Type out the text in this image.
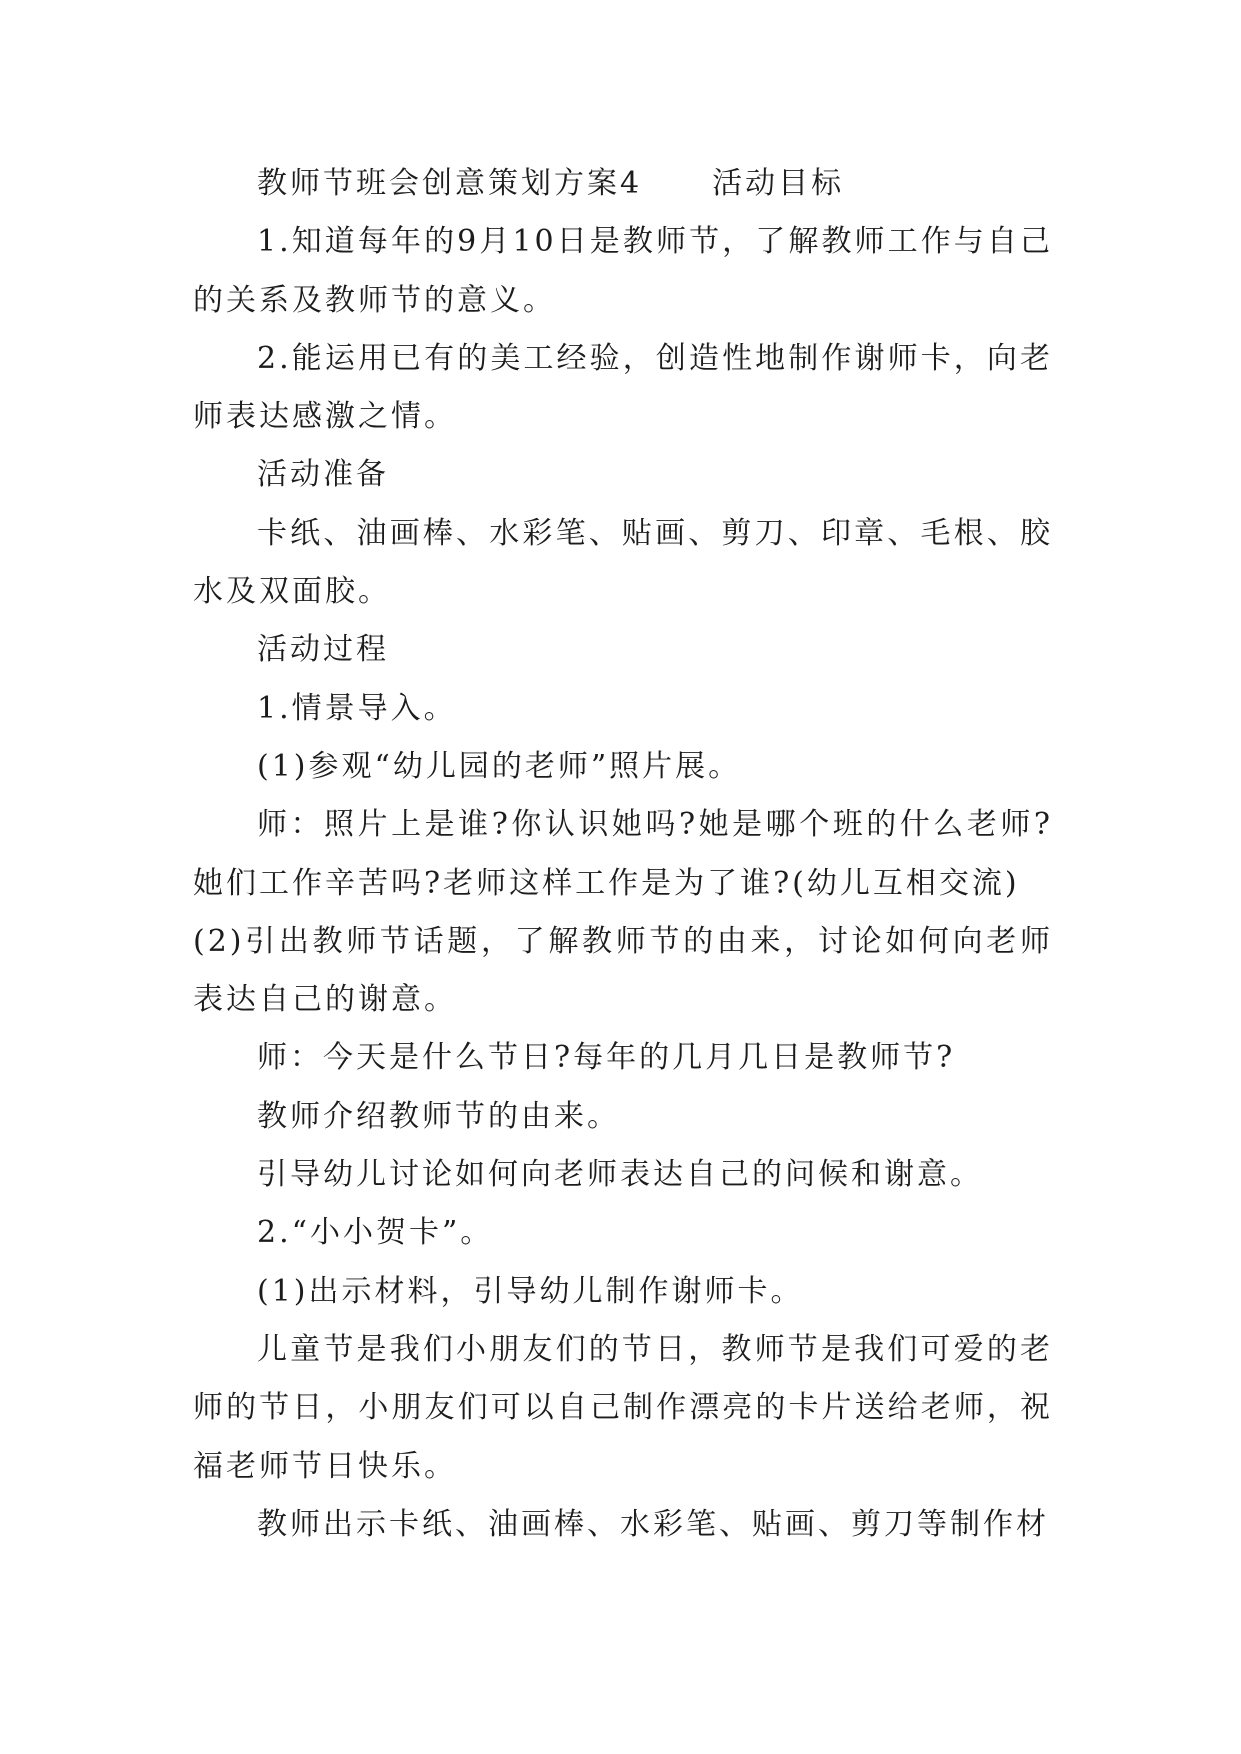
教师节班会创意策划方案4 活动目标

1.知道每年的9月10日是教师节，了解教师工作与自己的关系及教师节的意义。

2.能运用已有的美工经验，创造性地制作谢师卡，向老师表达感激之情。

活动准备

卡纸、油画棒、水彩笔、贴画、剪刀、印章、毛根、胶水及双面胶。

活动过程

1.情景导入。

(1)参观“幼儿园的老师”照片展。

师：照片上是谁?你认识她吗?她是哪个班的什么老师?她们工作辛苦吗?老师这样工作是为了谁?(幼儿互相交流)

(2)引出教师节话题，了解教师节的由来，讨论如何向老师表达自己的谢意。

师：今天是什么节日?每年的几月几日是教师节?

教师介绍教师节的由来。

引导幼儿讨论如何向老师表达自己的问候和谢意。

2.“小小贺卡”。

(1)出示材料，引导幼儿制作谢师卡。

儿童节是我们小朋友们的节日，教师节是我们可爱的老师的节日，小朋友们可以自己制作漂亮的卡片送给老师，祝福老师节日快乐。

教师出示卡纸、油画棒、水彩笔、贴画、剪刀等制作材
